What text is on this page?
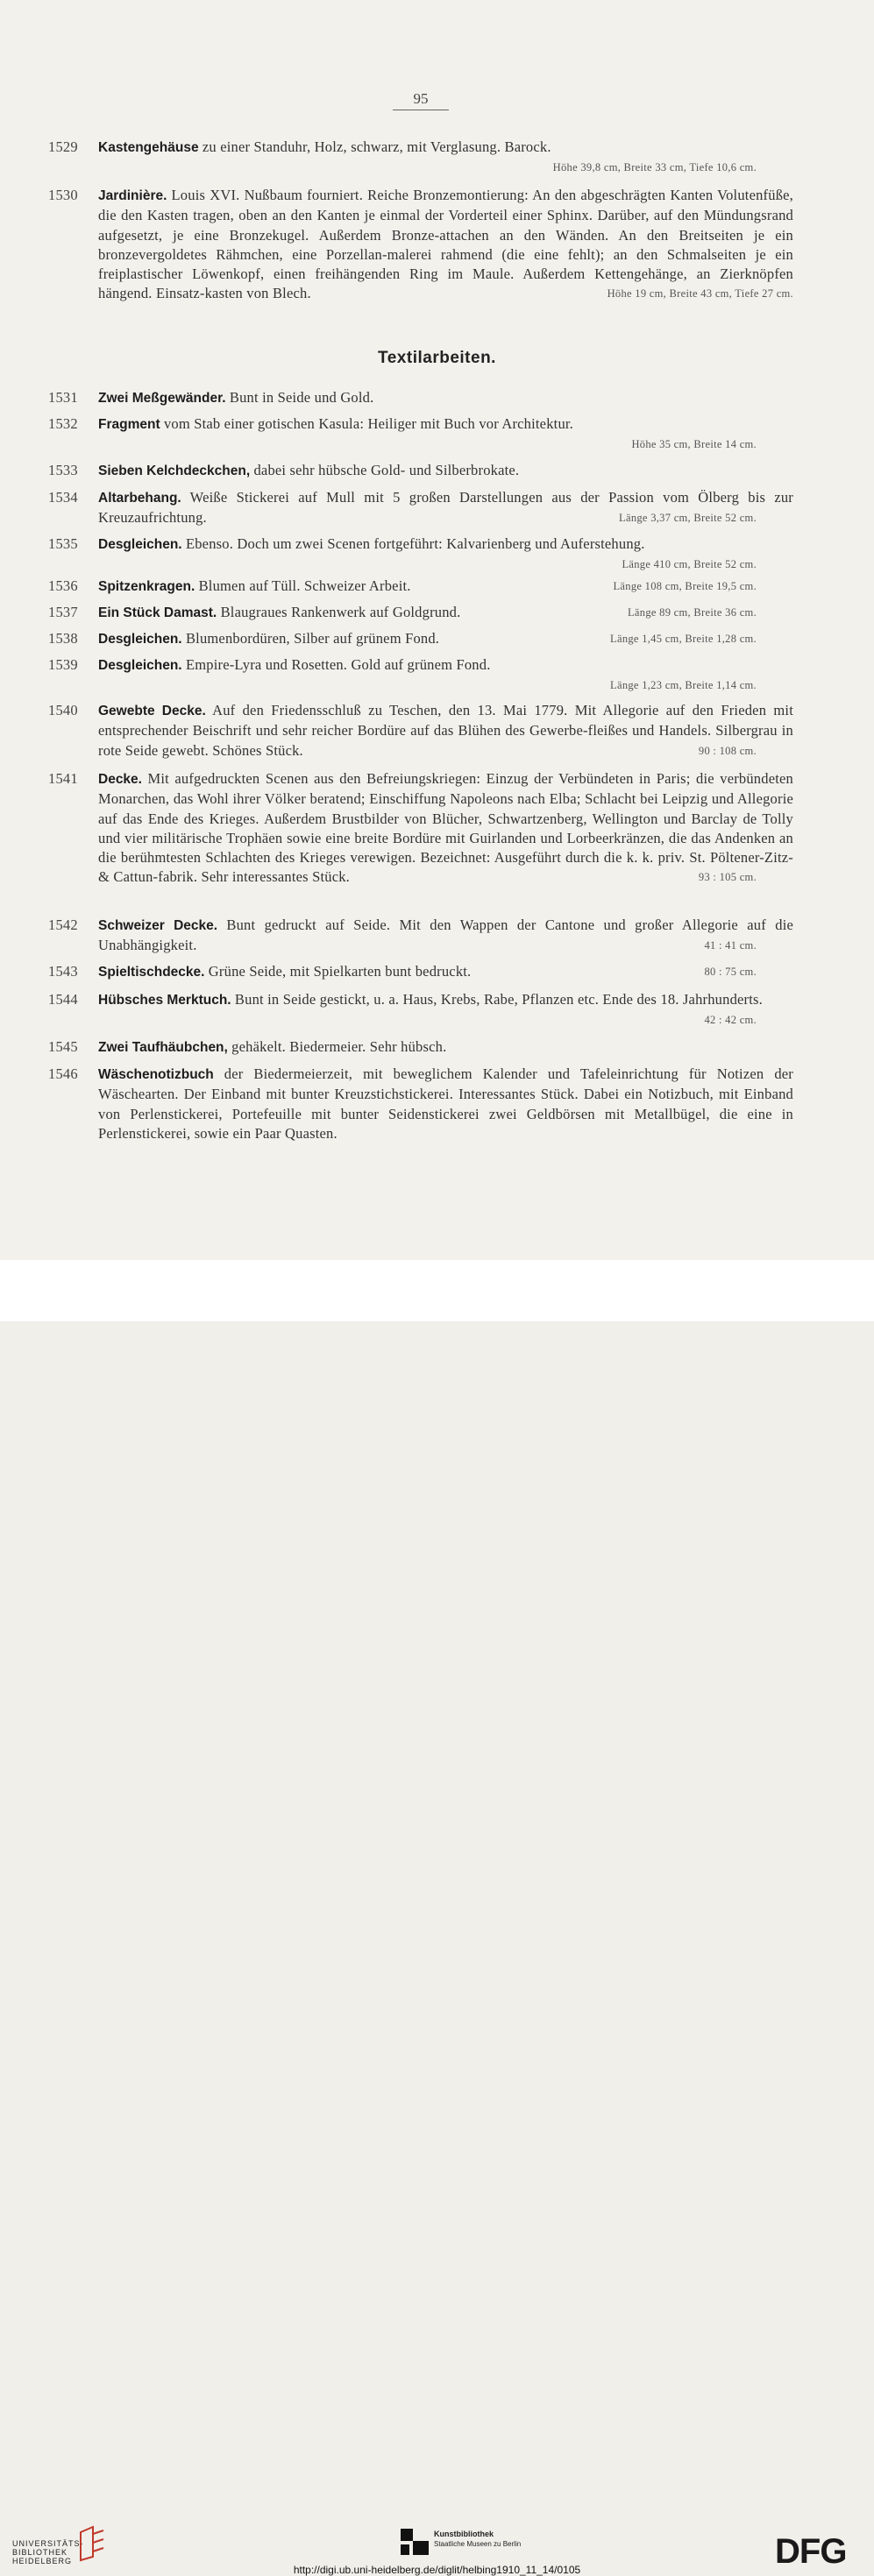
95
Textilarbeiten.
1529	Kastengehäuse zu einer Standuhr, Holz, schwarz, mit Verglasung. Barock.
Höhe 39,8 cm, Breite 33 cm, Tiefe 10,6 cm.
1530	Jardinière. Louis XVI. Nußbaum fourniert. Reiche Bronzemontierung: An den abgeschrägten Kanten Volutenfüße, die den Kasten tragen, oben an den Kanten je einmal der Vorderteil einer Sphinx. Darüber, auf den Mündungsrand aufgesetzt, je eine Bronzekugel. Außerdem Bronze-attachen an den Wänden. An den Breitseiten je ein bronzevergoldetes Rähmchen, eine Porzellan-malerei rahmend (die eine fehlt); an den Schmalseiten je ein freiplastischer Löwenkopf, einen freihängenden Ring im Maule. Außerdem Kettengehänge, an Zierknöpfen hängend. Einsatz-kasten von Blech.	Höhe 19 cm, Breite 43 cm, Tiefe 27 cm.
1531	Zwei Meßgewänder. Bunt in Seide und Gold.
1532	Fragment vom Stab einer gotischen Kasula: Heiliger mit Buch vor Architektur.
Höhe 35 cm, Breite 14 cm.
1533	Sieben Kelchdeckchen, dabei sehr hübsche Gold- und Silberbrokate.
1534	Altarbehang. Weiße Stickerei auf Mull mit 5 großen Darstellungen aus der Passion vom Ölberg bis zur Kreuzaufrichtung.	Länge 3,37 cm, Breite 52 cm.
1535	Desgleichen. Ebenso. Doch um zwei Scenen fortgeführt: Kalvarienberg und Auferstehung.
Länge 410 cm, Breite 52 cm.
1536	Spitzenkragen. Blumen auf Tüll. Schweizer Arbeit.	Länge 108 cm, Breite 19,5 cm.
1537	Ein Stück Damast. Blaugraues Rankenwerk auf Goldgrund.	Länge 89 cm, Breite 36 cm.
1538	Desgleichen. Blumenbordüren, Silber auf grünem Fond.	Länge 1,45 cm, Breite 1,28 cm.
1539	Desgleichen. Empire-Lyra und Rosetten. Gold auf grünem Fond.
Länge 1,23 cm, Breite 1,14 cm.
1540	Gewebte Decke. Auf den Friedensschluß zu Teschen, den 13. Mai 1779. Mit Allegorie auf den Frieden mit entsprechender Beischrift und sehr reicher Bordüre auf das Blühen des Gewerbe-fleißes und Handels. Silbergrau in rote Seide gewebt. Schönes Stück.	90 : 108 cm.
1541	Decke. Mit aufgedruckten Scenen aus den Befreiungskriegen: Einzug der Verbündeten in Paris; die verbündeten Monarchen, das Wohl ihrer Völker beratend; Einschiffung Napoleons nach Elba; Schlacht bei Leipzig und Allegorie auf das Ende des Krieges. Außerdem Brustbilder von Blücher, Schwartzenberg, Wellington und Barclay de Tolly und vier militärische Trophäen sowie eine breite Bordüre mit Guirlanden und Lorbeerkränzen, die das Andenken an die berühmtesten Schlachten des Krieges verewigen. Bezeichnet: Ausgeführt durch die k. k. priv. St. Pöltener-Zitz- & Cattun-fabrik. Sehr interessantes Stück.	93 : 105 cm.
1542	Schweizer Decke. Bunt gedruckt auf Seide. Mit den Wappen der Cantone und großer Allegorie auf die Unabhängigkeit.	41 : 41 cm.
1543	Spieltischdecke. Grüne Seide, mit Spielkarten bunt bedruckt.	80 : 75 cm.
1544	Hübsches Merktuch. Bunt in Seide gestickt, u. a. Haus, Krebs, Rabe, Pflanzen etc. Ende des 18. Jahrhunderts.
42 : 42 cm.
1545	Zwei Taufhäubchen, gehäkelt. Biedermeier. Sehr hübsch.
1546	Wäschenotizbuch der Biedermeierzeit, mit beweglichem Kalender und Tafeleinrichtung für Notizen der Wäschearten. Der Einband mit bunter Kreuzstichstickerei. Interessantes Stück. Dabei ein Notizbuch, mit Einband von Perlenstickerei, Portefeuille mit bunter Seidenstickerei zwei Geldbörsen mit Metallbügel, die eine in Perlenstickerei, sowie ein Paar Quasten.
UNIVERSITÄTS-
BIBLIOTHEK
HEIDELBERG
Kunstbibliothek
Staatliche Museen zu Berlin	DFG
http://digi.ub.uni-heidelberg.de/diglit/helbing1910_11_14/0105
